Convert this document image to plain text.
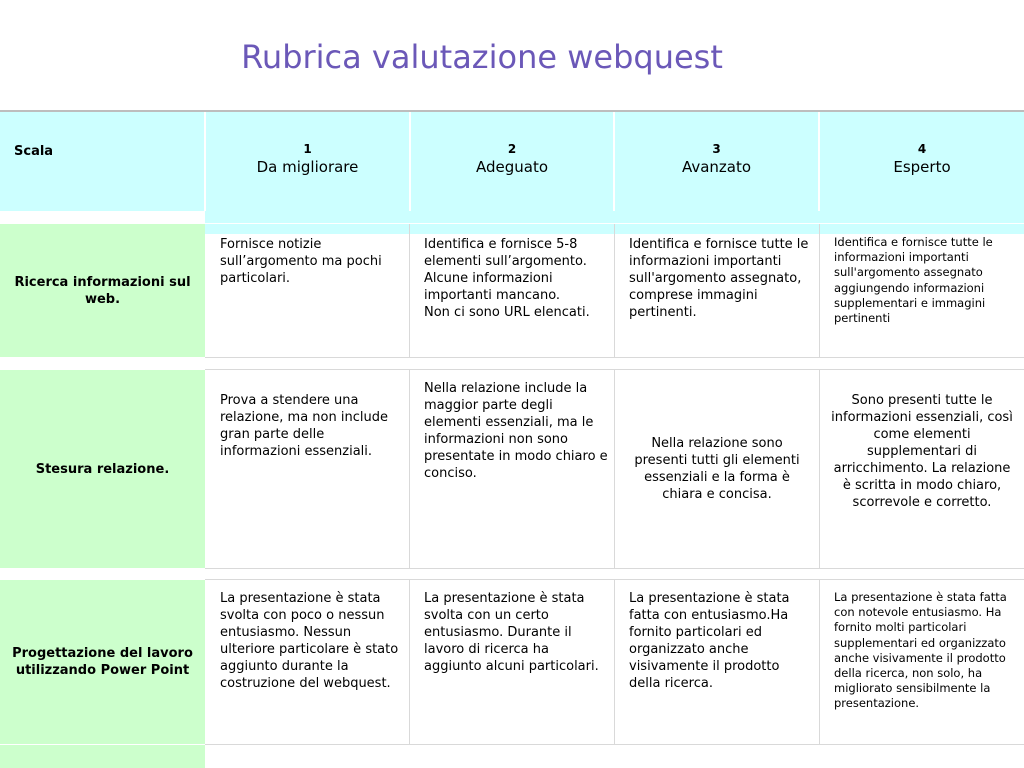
Rubrica valutazione webquest
Scala	1
Da migliorare
2
Adeguato
3
Avanzato
4
Esperto
Ricerca informazioni sul web.
Fornisce notizie sull’argomento ma pochi particolari.
Identifica e fornisce 5-8 elementi sull’argomento. Alcune informazioni importanti mancano.
Non ci sono URL elencati.
Identifica e fornisce tutte le informazioni importanti sull'argomento assegnato, comprese immagini pertinenti.
Identifica e fornisce tutte le informazioni importanti sull'argomento assegnato aggiungendo informazioni supplementari e immagini pertinenti
Stesura relazione.
Prova a stendere una relazione, ma non include gran parte delle informazioni essenziali.
Nella relazione include la maggior parte degli elementi essenziali, ma le informazioni non sono presentate in modo chiaro e conciso.
Nella relazione sono presenti tutti gli elementi essenziali e la forma è chiara e concisa.
Sono presenti tutte le informazioni essenziali, così come elementi supplementari di arricchimento. La relazione è scritta in modo chiaro, scorrevole e corretto.
Progettazione del lavoro utilizzando Power Point
La presentazione è stata svolta con poco o nessun entusiasmo. Nessun ulteriore particolare è stato aggiunto durante la costruzione del webquest.
La presentazione è stata svolta con un certo entusiasmo. Durante il lavoro di ricerca ha aggiunto alcuni particolari.
La presentazione è stata fatta con entusiasmo.Ha fornito particolari ed organizzato anche visivamente il prodotto della ricerca.
La presentazione è stata fatta con notevole entusiasmo. Ha fornito molti particolari supplementari ed organizzato anche visivamente il prodotto della ricerca, non solo, ha migliorato sensibilmente la presentazione.
